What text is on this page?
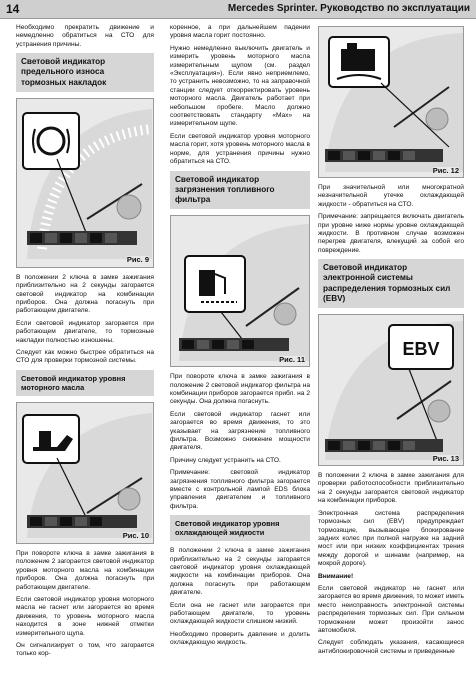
14	Mercedes Sprinter. Руководство по эксплуатации

Необходимо прекратить движение и немедленно обратиться на СТО для устранения причины.

Световой индикатор предельного износа тормозных накладок
Рис. 9

В положении 2 ключа в замке зажигания приблизительно на 2 секунды загорается световой индикатор на комбинации приборов. Она должна погаснуть при работающем двигателе.

Если световой индикатор загорается при работающем двигателе, то тормозные накладки полностью изношены.

Следует как можно быстрее обратиться на СТО для проверки тормозной системы.

Световой индикатор уровня моторного масла
Рис. 10

При повороте ключа в замке зажигания в положение 2 загорается световой индикатор уровня моторного масла на комбинации приборов. Она должна погаснуть при работающем двигателе.

Если световой индикатор уровня моторного масла не гаснет или загорается во время движения, то уровень моторного масла находится в зоне нижней отметки измерительного щупа.

Он сигнализирует о том, что загорается только кор-

коренное, а при дальнейшем падении уровня масла горит постоянно.

Нужно немедленно выключить двигатель и измерить уровень моторного масла измерительным щупом (см. раздел «Эксплуатация»). Если явно неприемлемо, то устранить невозможно, то на заправочной станции следует откорректировать уровень моторного масла. Двигатель работает при небольшом пробеге. Масло должно соответствовать стандарту «Max» на измерительном щупе.

Если световой индикатор уровня моторного масла горит, хотя уровень моторного масла в норме, для устранения причины нужно обратиться на СТО.

Световой индикатор загрязнения топливного фильтра
Рис. 11

При повороте ключа в замке зажигания в положение 2 световой индикатор фильтра на комбинации приборов загорается прибл. на 2 секунды. Она должна погаснуть.

Если световой индикатор гаснет или загорается во время движения, то это указывает на загрязнение топливного фильтра. Возможно снижение мощности двигателя.

Причину следует устранить на СТО.

Примечание: световой индикатор загрязнения топливного фильтра загорается вместе с контрольной лампой EDS блока управления двигателем и топливного фильтра.

Световой индикатор уровня охлаждающей жидкости

В положении 2 ключа в замке зажигания приблизительно на 2 секунды загорается световой индикатор уровня охлаждающей жидкости на комбинации приборов. Она должна погаснуть при работающем двигателе.

Если она не гаснет или загорается при работающем двигателе, то уровень охлаждающей жидкости слишком низкий.

Необходимо проверить давление и долить охлаждающую жидкость.

Рис. 12

При значительной или многократной незначительной утечке охлаждающей жидкости - обратиться на СТО.

Примечание: запрещается включать двигатель при уровне ниже нормы уровне охлаждающей жидкости. В противном случае возможен перегрев двигателя, влекущий за собой его повреждение.

Световой индикатор электронной системы распределения тормозных сил (EBV)
EBV
Рис. 13

В положении 2 ключа в замке зажигания для проверки работоспособности приблизительно на 2 секунды загорается световой индикатор на комбинации приборов.

Электронная система распределения тормозных сил (EBV) предупреждает тормозящие, вызывающее блокирование задних колес при полной нагрузке на задний мост или при низких коэффициентах трения между дорогой и шинами (например, на мокрой дороге).

Внимание!

Если световой индикатор не гаснет или загорается во время движения, то может иметь место неисправность электронной системы распределения тормозных сил. При сильном торможении может произойти занос автомобиля.

Следует соблюдать указания, касающиеся антиблокировочной системы и приведенные
